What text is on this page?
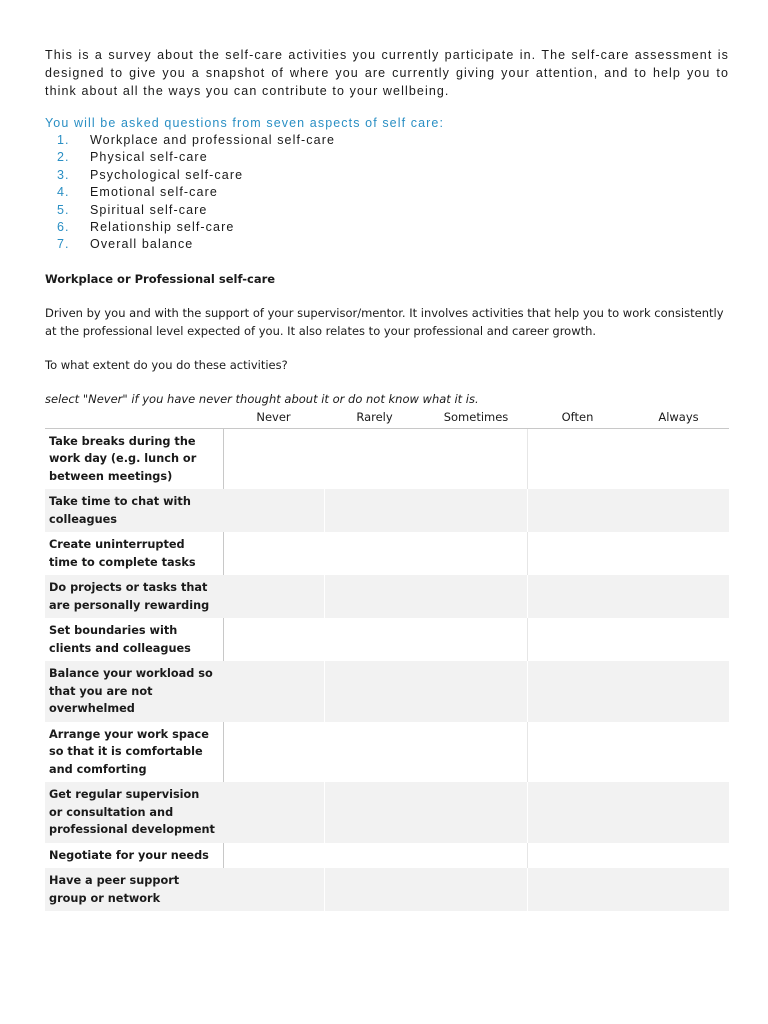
This is a survey about the self-care activities you currently participate in. The self-care assessment is designed to give you a snapshot of where you are currently giving your attention, and to help you to think about all the ways you can contribute to your wellbeing.

You will be asked questions from seven aspects of self care:

1.	Workplace and professional self-care
2.	Physical self-care
3.	Psychological self-care
4.	Emotional self-care
5.	Spiritual self-care
6.	Relationship self-care
7.	Overall balance

Workplace or Professional self-care

Driven by you and with the support of your supervisor/mentor. It involves activities that help you to work consistently at the professional level expected of you. It also relates to your professional and career growth.

To what extent do you do these activities?

select "Never" if you have never thought about it or do not know what it is.

	Never	Rarely	Sometimes	Often	Always
Take breaks during the work day (e.g. lunch or between meetings)					
Take time to chat with colleagues					
Create uninterrupted time to complete tasks					
Do projects or tasks that are personally rewarding					
Set boundaries with clients and colleagues					
Balance your workload so that you are not overwhelmed					
Arrange your work space so that it is comfortable and comforting					
Get regular supervision or consultation and professional development					
Negotiate for your needs					
Have a peer support group or network					
